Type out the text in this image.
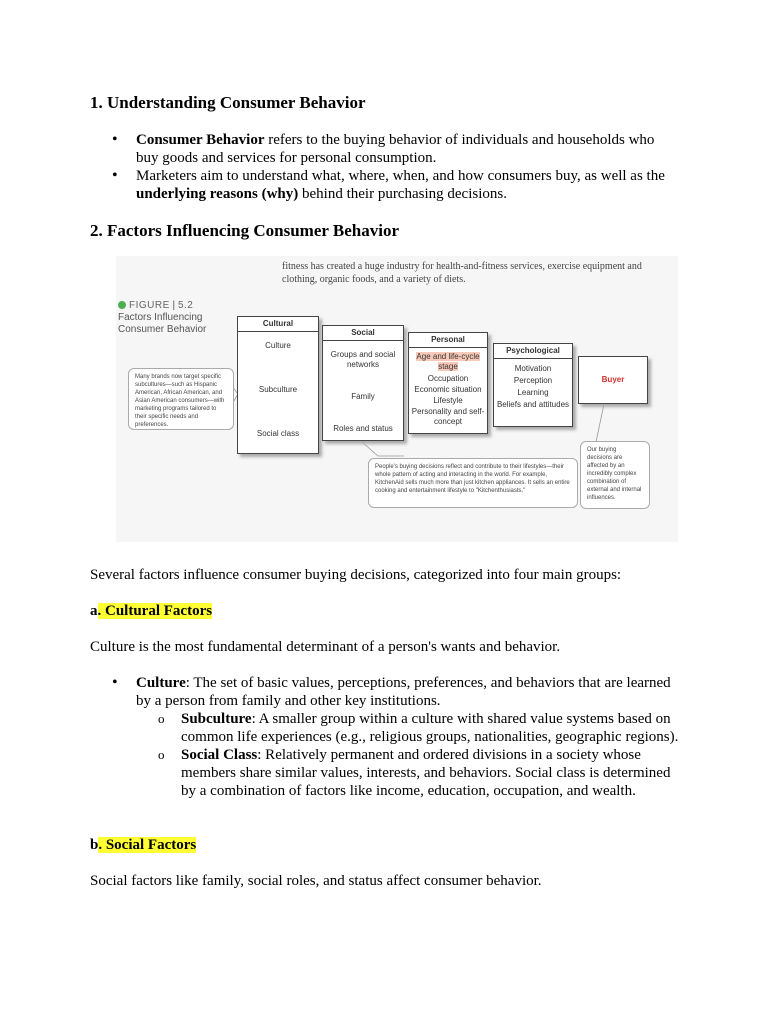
1. Understanding Consumer Behavior
• Consumer Behavior refers to the buying behavior of individuals and households who buy goods and services for personal consumption.
• Marketers aim to understand what, where, when, and how consumers buy, as well as the underlying reasons (why) behind their purchasing decisions.
2. Factors Influencing Consumer Behavior

Several factors influence consumer buying decisions, categorized into four main groups:

a. Cultural Factors

Culture is the most fundamental determinant of a person's wants and behavior.

• Culture: The set of basic values, perceptions, preferences, and behaviors that are learned by a person from family and other key institutions.
o Subculture: A smaller group within a culture with shared value systems based on common life experiences (e.g., religious groups, nationalities, geographic regions).
o Social Class: Relatively permanent and ordered divisions in a society whose members share similar values, interests, and behaviors. Social class is determined by a combination of factors like income, education, occupation, and wealth.
b. Social Factors

Social factors like family, social roles, and status affect consumer behavior.

fitness has created a huge industry for health-and-fitness services, exercise equipment and clothing, organic foods, and a variety of diets.
FIGURE | 5.2
Factors Influencing
Consumer Behavior
Cultural
Culture
Subculture
Social class
Social
Groups and social networks
Family
Roles and status
Personal
Age and life-cycle stage
Occupation
Economic situation
Lifestyle
Personality and self-concept
Psychological
Motivation
Perception
Learning
Beliefs and attitudes
Buyer
Many brands now target specific subcultures—such as Hispanic American, African American, and Asian American consumers—with marketing programs tailored to their specific needs and preferences.
People's buying decisions reflect and contribute to their lifestyles—their whole pattern of acting and interacting in the world. For example, KitchenAid sells much more than just kitchen appliances. It sells an entire cooking and entertainment lifestyle to "Kitchenthusiasts."
Our buying decisions are affected by an incredibly complex combination of external and internal influences.
